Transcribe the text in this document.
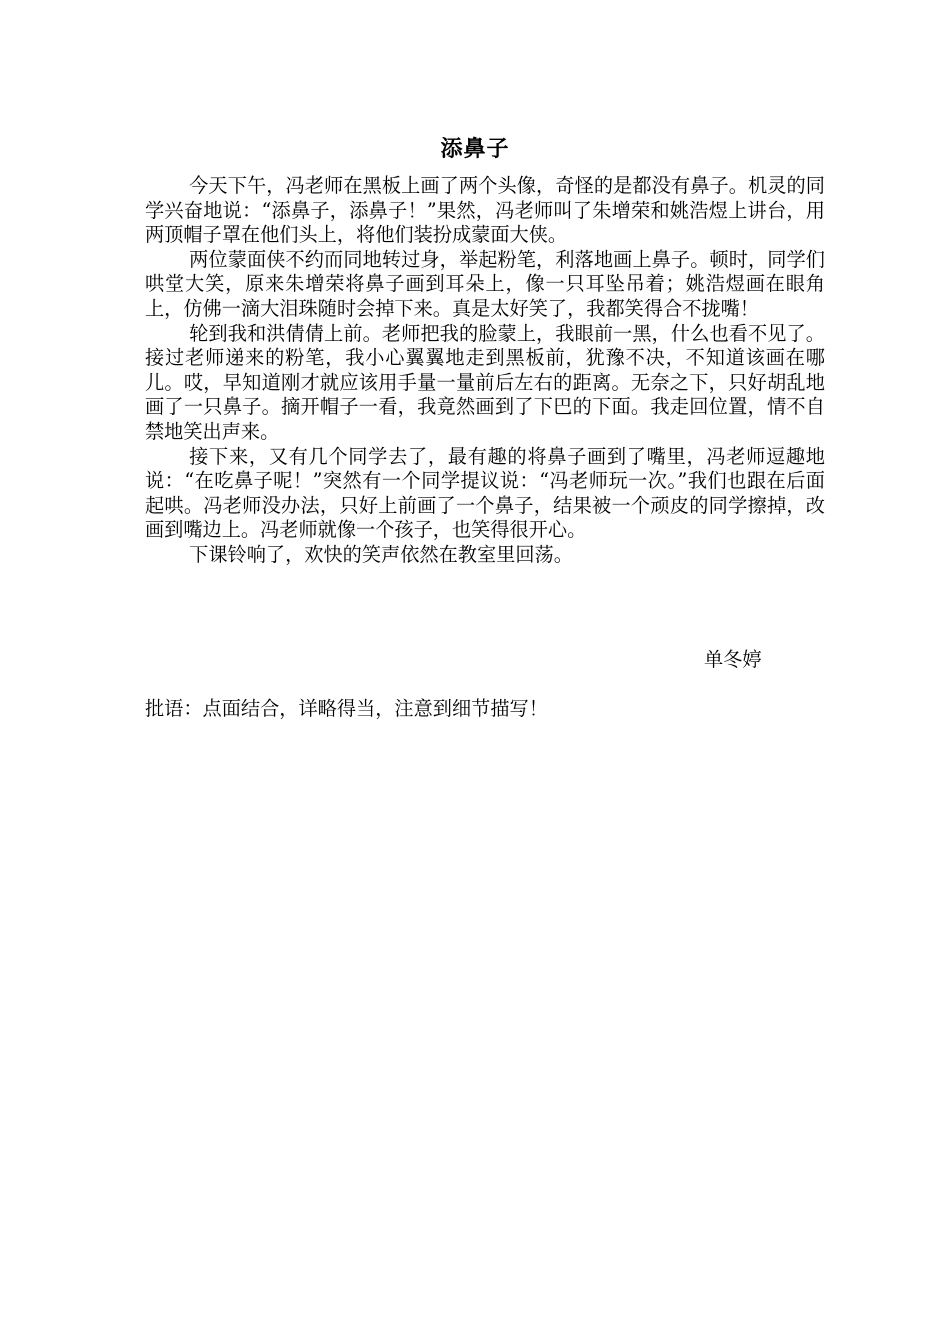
添鼻子

今天下午，冯老师在黑板上画了两个头像，奇怪的是都没有鼻子。机灵的同学兴奋地说：“添鼻子，添鼻子！”果然，冯老师叫了朱增荣和姚浩煜上讲台，用两顶帽子罩在他们头上，将他们装扮成蒙面大侠。

两位蒙面侠不约而同地转过身，举起粉笔，利落地画上鼻子。顿时，同学们哄堂大笑，原来朱增荣将鼻子画到耳朵上，像一只耳坠吊着；姚浩煜画在眼角上，仿佛一滴大泪珠随时会掉下来。真是太好笑了，我都笑得合不拢嘴！

轮到我和洪倩倩上前。老师把我的脸蒙上，我眼前一黑，什么也看不见了。接过老师递来的粉笔，我小心翼翼地走到黑板前，犹豫不决，不知道该画在哪儿。哎，早知道刚才就应该用手量一量前后左右的距离。无奈之下，只好胡乱地画了一只鼻子。摘开帽子一看，我竟然画到了下巴的下面。我走回位置，情不自禁地笑出声来。

接下来，又有几个同学去了，最有趣的将鼻子画到了嘴里，冯老师逗趣地说：“在吃鼻子呢！”突然有一个同学提议说：“冯老师玩一次。”我们也跟在后面起哄。冯老师没办法，只好上前画了一个鼻子，结果被一个顽皮的同学擦掉，改画到嘴边上。冯老师就像一个孩子，也笑得很开心。

下课铃响了，欢快的笑声依然在教室里回荡。

单冬婷
批语：点面结合，详略得当，注意到细节描写！
